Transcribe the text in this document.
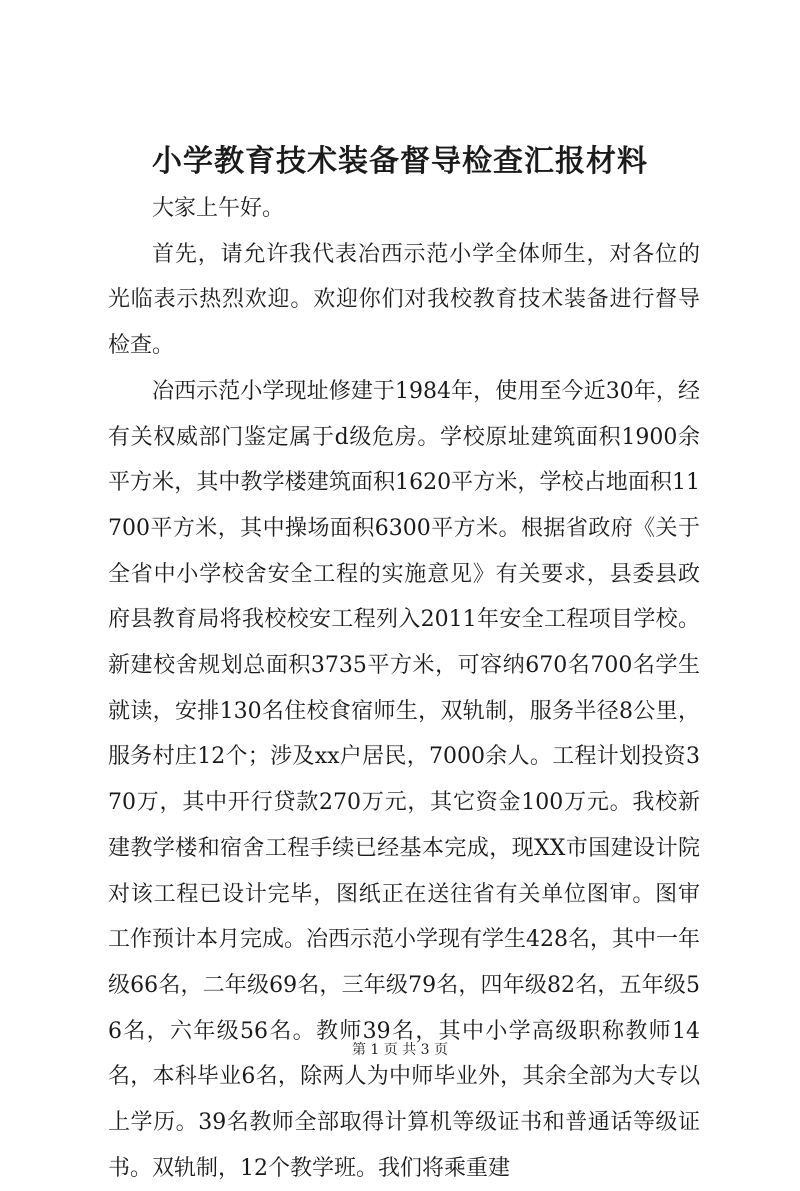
小学教育技术装备督导检查汇报材料

大家上午好。

首先，请允许我代表冶西示范小学全体师生，对各位的光临表示热烈欢迎。欢迎你们对我校教育技术装备进行督导检查。

冶西示范小学现址修建于1984年，使用至今近30年，经有关权威部门鉴定属于d级危房。学校原址建筑面积1900余平方米，其中教学楼建筑面积1620平方米，学校占地面积11700平方米，其中操场面积6300平方米。根据省政府《关于全省中小学校舍安全工程的实施意见》有关要求，县委县政府县教育局将我校校安工程列入2011年安全工程项目学校。新建校舍规划总面积3735平方米，可容纳670名700名学生就读，安排130名住校食宿师生，双轨制，服务半径8公里，服务村庄12个；涉及xx户居民，7000余人。工程计划投资370万，其中开行贷款270万元，其它资金100万元。我校新建教学楼和宿舍工程手续已经基本完成，现XX市国建设计院对该工程已设计完毕，图纸正在送往省有关单位图审。图审工作预计本月完成。冶西示范小学现有学生428名，其中一年级66名，二年级69名，三年级79名，四年级82名，五年级56名，六年级56名。教师39名，其中小学高级职称教师14名，本科毕业6名，除两人为中师毕业外，其余全部为大专以上学历。39名教师全部取得计算机等级证书和普通话等级证书。双轨制，12个教学班。我们将乘重建

第 1 页 共 3 页
